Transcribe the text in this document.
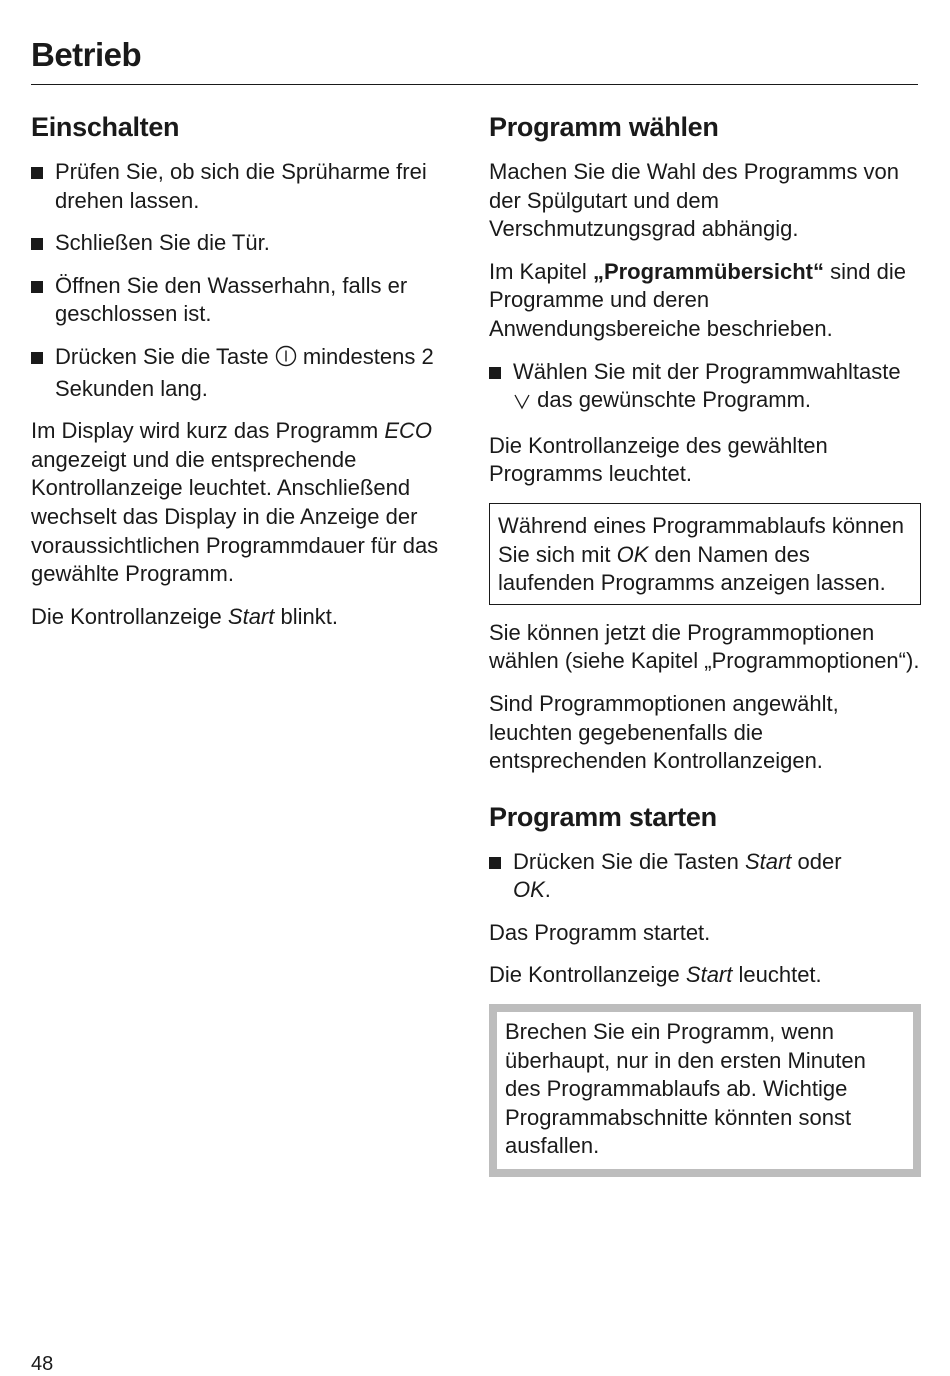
Betrieb
Einschalten
Prüfen Sie, ob sich die Sprüharme frei drehen lassen.
Schließen Sie die Tür.
Öffnen Sie den Wasserhahn, falls er geschlossen ist.
Drücken Sie die Taste  mindestens 2 Sekunden lang.

Im Display wird kurz das Programm ECO angezeigt und die entsprechende Kontrollanzeige leuchtet. Anschließend wechselt das Display in die Anzeige der voraussichtlichen Programmdauer für das gewählte Programm.

Die Kontrollanzeige Start blinkt.

Programm wählen

Machen Sie die Wahl des Programms von der Spülgutart und dem Verschmutzungsgrad abhängig.

Im Kapitel „Programmübersicht“ sind die Programme und deren Anwendungsbereiche beschrieben.

Wählen Sie mit der Programmwahltaste  das gewünschte Programm.

Die Kontrollanzeige des gewählten Programms leuchtet.

Während eines Programmablaufs können Sie sich mit OK den Namen des laufenden Programms anzeigen lassen.

Sie können jetzt die Programmoptionen wählen (siehe Kapitel „Programmoptionen“).

Sind Programmoptionen angewählt, leuchten gegebenenfalls die entsprechenden Kontrollanzeigen.

Programm starten
Drücken Sie die Tasten Start oder
OK.

Das Programm startet.

Die Kontrollanzeige Start leuchtet.

Brechen Sie ein Programm, wenn überhaupt, nur in den ersten Minuten des Programmablaufs ab. Wichtige Programmabschnitte könnten sonst ausfallen.
48
